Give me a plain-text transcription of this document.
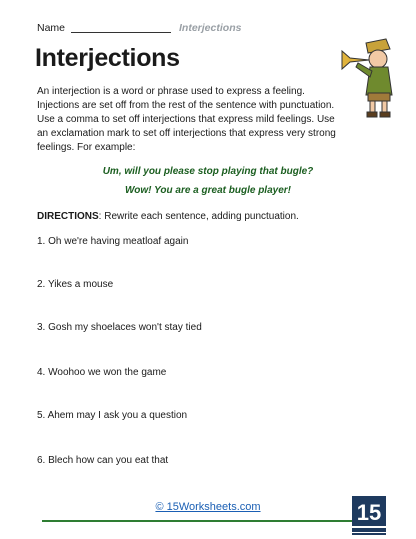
Name	Interjections
Interjections

An interjection is a word or phrase used to express a feeling. Injections are set off from the rest of the sentence with punctuation. Use a comma to set off interjections that express mild feelings. Use an exclamation mark to set off interjections that express very strong feelings. For example:

Um, will you please stop playing that bugle?
Wow! You are a great bugle player!
DIRECTIONS: Rewrite each sentence, adding punctuation.
1. Oh we're having meatloaf again
2. Yikes a mouse
3. Gosh my shoelaces won't stay tied
4. Woohoo we won the game
5. Ahem may I ask you a question
6. Blech how can you eat that
© 15Worksheets.com	15
